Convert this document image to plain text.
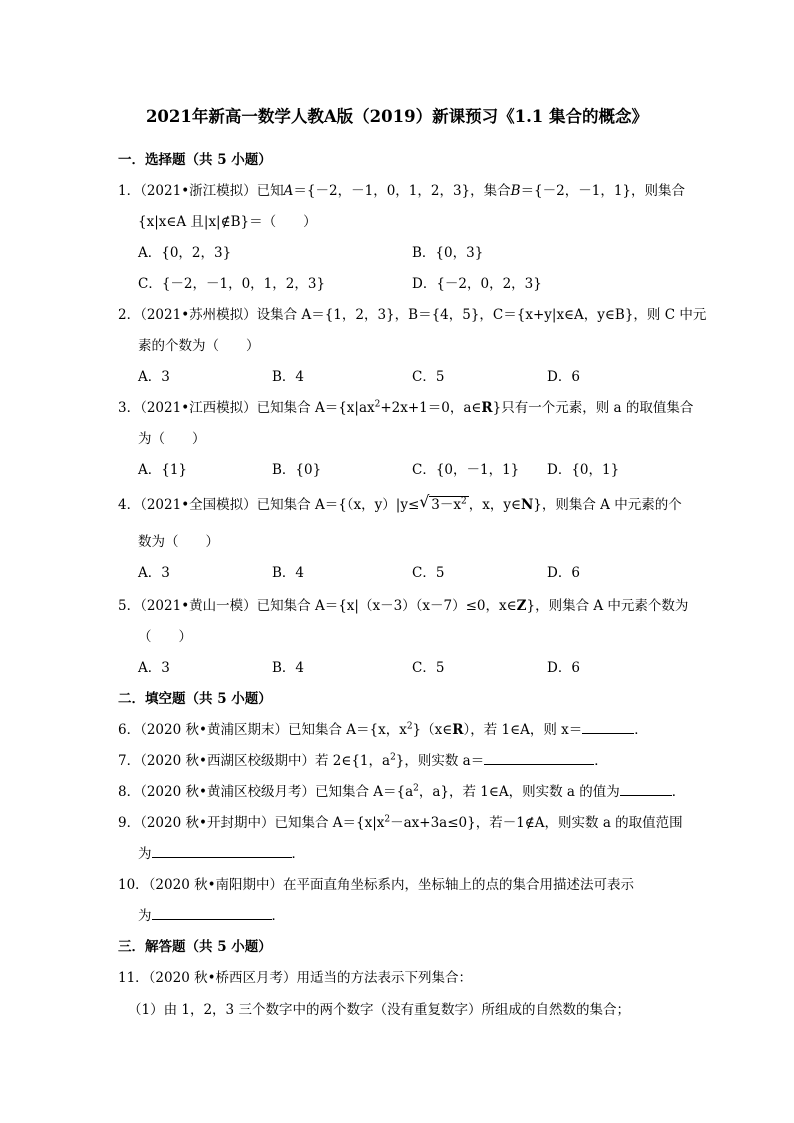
2021年新高一数学人教A版（2019）新课预习《1.1 集合的概念》
一．选择题（共 5 小题）
1．（2021•浙江模拟）已知A＝{－2，－1，0，1，2，3}，集合B＝{－2，－1，1}，则集合
{x|x∈A 且|x|∉B}＝（　　）
A．{0，2，3}	B．{0，3}
C．{－2，－1，0，1，2，3}	D．{－2，0，2，3}
2．（2021•苏州模拟）设集合 A＝{1，2，3}，B＝{4，5}，C＝{x+y|x∈A，y∈B}，则 C 中元
素的个数为（　　）
A．3	B．4	C．5	D．6
3．（2021•江西模拟）已知集合 $A=\{x|ax^2+2x+1=0$，a∈R}只有一个元素，则 a 的取值集合
为（　　）
A．{1}	B．{0}	C．{0，－1，1} D．{0，1}
4．（2021•全国模拟）已知集合 A＝{（x，y）|y≤ √ $3-x^2$ ，x，y∈N}，则集合 A 中元素的个
数为（　　）
A．3	B．4	C．5	D．6
5．（2021•黄山一模）已知集合 A＝{x|（x－3）（x－7）≤0，x∈Z}，则集合 A 中元素个数为
（　　）
A．3	B．4	C．5	D．6
二．填空题（共 5 小题）
6．（2020 秋•黄浦区期末）已知集合 A＝{x，$x^2\}(x\in R)$，若 1∈A，则 x＝	．
7．（2020 秋•西湖区校级期中）若 2∈{1，$a^2$}，则实数 a＝	．
8．（2020 秋•黄浦区校级月考）已知集合 $A=\{a^2$，a}，若 1∈A，则实数 a 的值为	．
9．（2020 秋•开封期中）已知集合 $A=\{x|x^2-ax+3a\le 0\}$，若－1∉A，则实数 a 的取值范围
为	．
10．（2020 秋•南阳期中）在平面直角坐标系内，坐标轴上的点的集合用描述法可表示
为	．
三．解答题（共 5 小题）
11．（2020 秋•桥西区月考）用适当的方法表示下列集合：
（1）由 1，2，3 三个数字中的两个数字（没有重复数字）所组成的自然数的集合；
